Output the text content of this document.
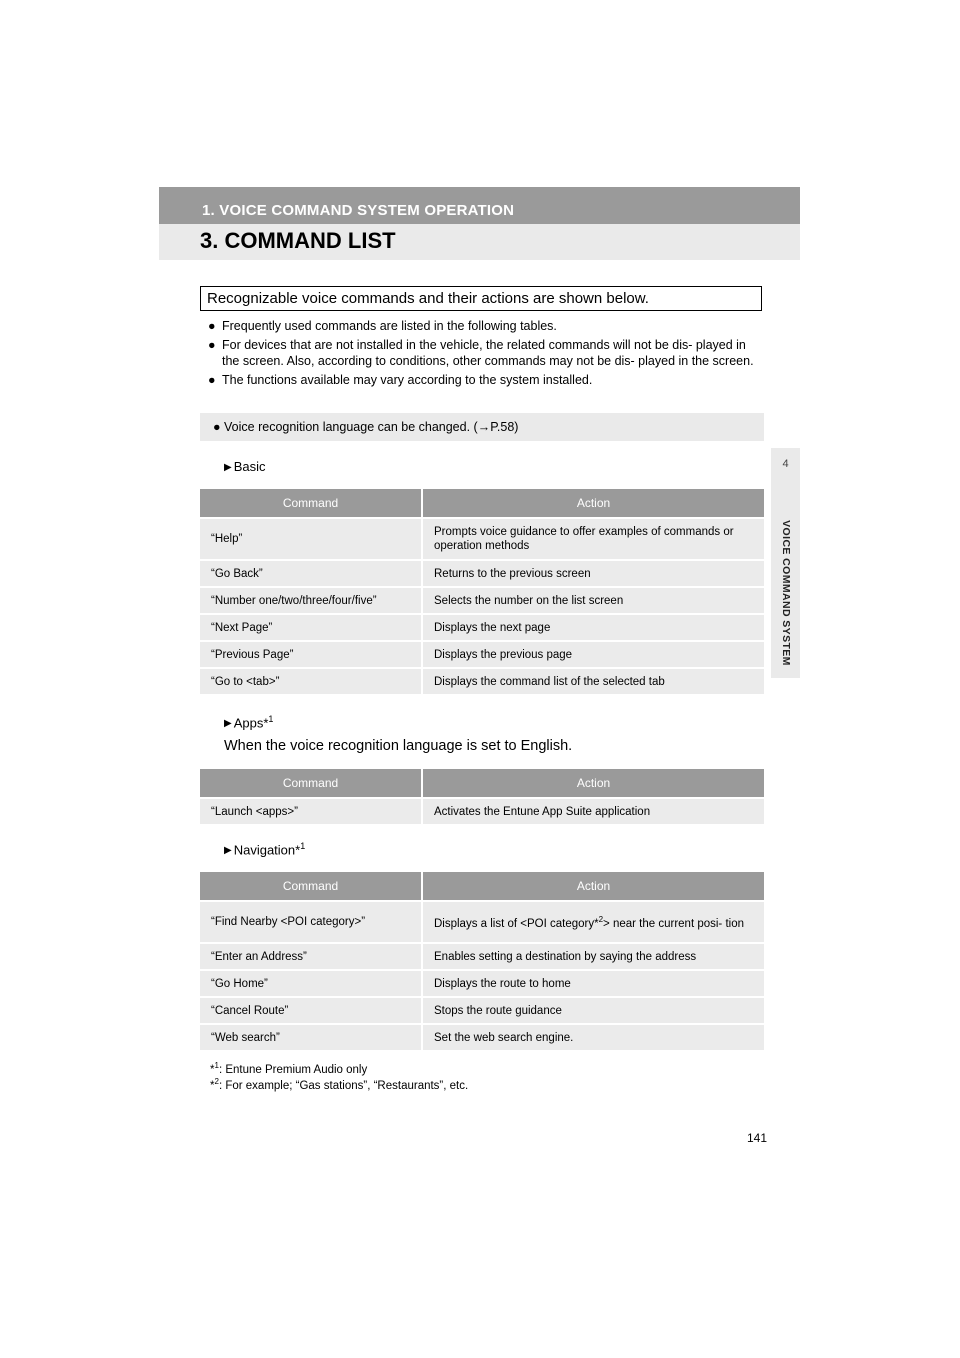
1. VOICE COMMAND SYSTEM OPERATION
3. COMMAND LIST
4
VOICE COMMAND SYSTEM
Recognizable voice commands and their actions are shown below.
● Frequently used commands are listed in the following tables.
● For devices that are not installed in the vehicle, the related commands will not be dis- played in the screen. Also, according to conditions, other commands may not be dis- played in the screen.
● The functions available may vary according to the system installed.
● Voice recognition language can be changed. (→P.58)
▶ Basic
Command	Action
“Help”	Prompts voice guidance to offer examples of commands or operation methods
“Go Back”	Returns to the previous screen
“Number one/two/three/four/five”	Selects the number on the list screen
“Next Page”	Displays the next page
“Previous Page”	Displays the previous page
“Go to <tab>”	Displays the command list of the selected tab
▶ Apps*$^1$
When the voice recognition language is set to English.
Command	Action
“Launch <apps>”	Activates the Entune App Suite application
▶ Navigation*$^1$
Command	Action
“Find Nearby <POI category>”	Displays a list of <POI category*$^2$> near the current posi- tion
“Enter an Address”	Enables setting a destination by saying the address
“Go Home”	Displays the route to home
“Cancel Route”	Stops the route guidance
“Web search”	Set the web search engine.
*$^1$: Entune Premium Audio only
*$^2$: For example; “Gas stations”, “Restaurants”, etc.
141
